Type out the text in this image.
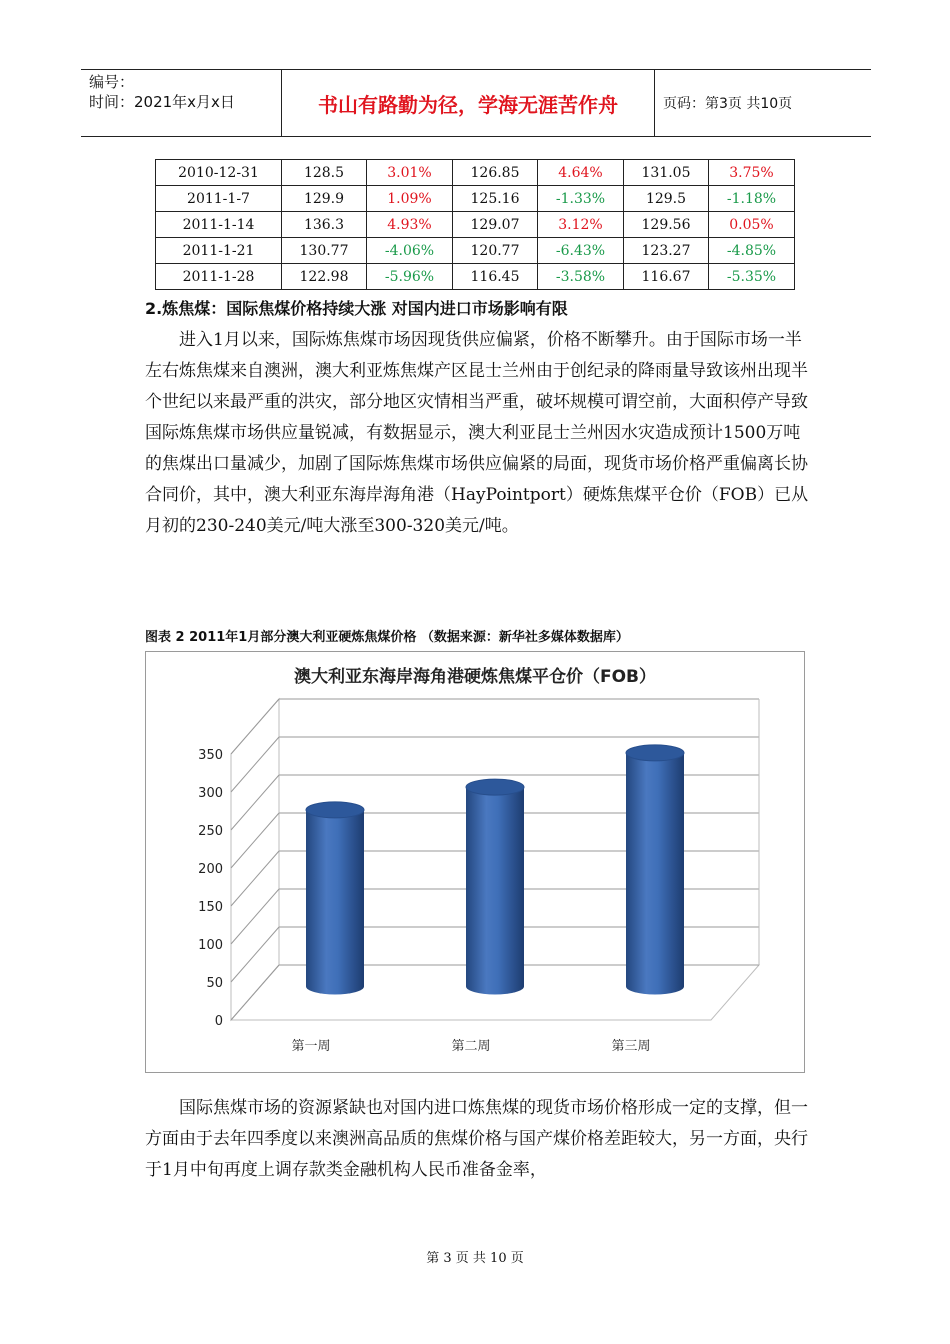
编号：
时间：2021年x月x日	书山有路勤为径，学海无涯苦作舟	页码：第3页 共10页
2010-12-31	128.5	3.01%	126.85	4.64%	131.05	3.75%
2011-1-7	129.9	1.09%	125.16	-1.33%	129.5	-1.18%
2011-1-14	136.3	4.93%	129.07	3.12%	129.56	0.05%
2011-1-21	130.77	-4.06%	120.77	-6.43%	123.27	-4.85%
2011-1-28	122.98	-5.96%	116.45	-3.58%	116.67	-5.35%
2.炼焦煤：国际焦煤价格持续大涨 对国内进口市场影响有限

进入1月以来，国际炼焦煤市场因现货供应偏紧，价格不断攀升。由于国际市场一半左右炼焦煤来自澳洲，澳大利亚炼焦煤产区昆士兰州由于创纪录的降雨量导致该州出现半个世纪以来最严重的洪灾，部分地区灾情相当严重，破坏规模可谓空前，大面积停产导致国际炼焦煤市场供应量锐减，有数据显示，澳大利亚昆士兰州因水灾造成预计1500万吨的焦煤出口量减少，加剧了国际炼焦煤市场供应偏紧的局面，现货市场价格严重偏离长协合同价，其中，澳大利亚东海岸海角港（HayPointport）硬炼焦煤平仓价（FOB）已从月初的230-240美元/吨大涨至300-320美元/吨。

图表 2 2011年1月部分澳大利亚硬炼焦煤价格 （数据来源：新华社多媒体数据库）
澳大利亚东海岸海角港硬炼焦煤平仓价（FOB）
0
50
100
150
200
250
300
350
第一周	第二周	第三周

国际焦煤市场的资源紧缺也对国内进口炼焦煤的现货市场价格形成一定的支撑，但一方面由于去年四季度以来澳洲高品质的焦煤价格与国产煤价格差距较大，另一方面，央行于1月中旬再度上调存款类金融机构人民币准备金率，

第 3 页 共 10 页
